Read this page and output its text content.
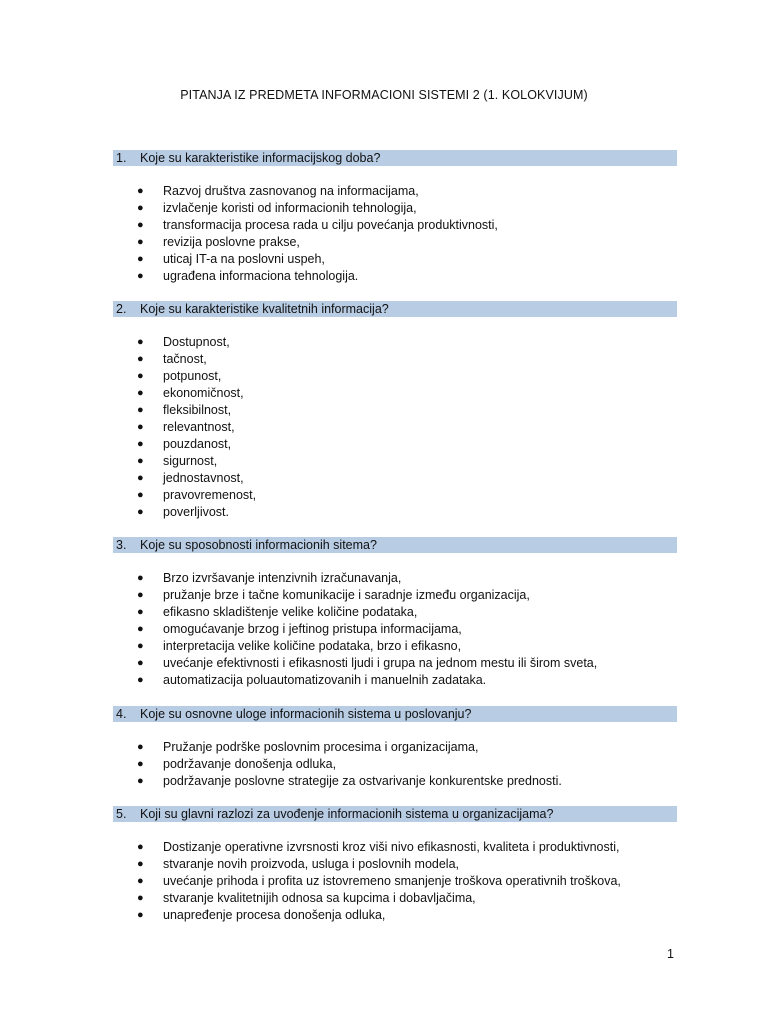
PITANJA IZ PREDMETA INFORMACIONI SISTEMI 2 (1. KOLOKVIJUM)
1. Koje su karakteristike informacijskog doba?
● Razvoj društva zasnovanog na informacijama,
● izvlačenje koristi od informacionih tehnologija,
● transformacija procesa rada u cilju povećanja produktivnosti,
● revizija poslovne prakse,
● uticaj IT-a na poslovni uspeh,
● ugrađena informaciona tehnologija.
2. Koje su karakteristike kvalitetnih informacija?
● Dostupnost,
● tačnost,
● potpunost,
● ekonomičnost,
● fleksibilnost,
● relevantnost,
● pouzdanost,
● sigurnost,
● jednostavnost,
● pravovremenost,
● poverljivost.
3. Koje su sposobnosti informacionih sitema?
● Brzo izvršavanje intenzivnih izračunavanja,
● pružanje brze i tačne komunikacije i saradnje između organizacija,
● efikasno skladištenje velike količine podataka,
● omogućavanje brzog i jeftinog pristupa informacijama,
● interpretacija velike količine podataka, brzo i efikasno,
● uvećanje efektivnosti i efikasnosti ljudi i grupa na jednom mestu ili širom sveta,
● automatizacija poluautomatizovanih i manuelnih zadataka.
4. Koje su osnovne uloge informacionih sistema u poslovanju?
● Pružanje podrške poslovnim procesima i organizacijama,
● podržavanje donošenja odluka,
● podržavanje poslovne strategije za ostvarivanje konkurentske prednosti.
5. Koji su glavni razlozi za uvođenje informacionih sistema u organizacijama?
● Dostizanje operativne izvrsnosti kroz viši nivo efikasnosti, kvaliteta i produktivnosti,
● stvaranje novih proizvoda, usluga i poslovnih modela,
● uvećanje prihoda i profita uz istovremeno smanjenje troškova operativnih troškova,
● stvaranje kvalitetnijih odnosa sa kupcima i dobavljačima,
● unapređenje procesa donošenja odluka,
1
